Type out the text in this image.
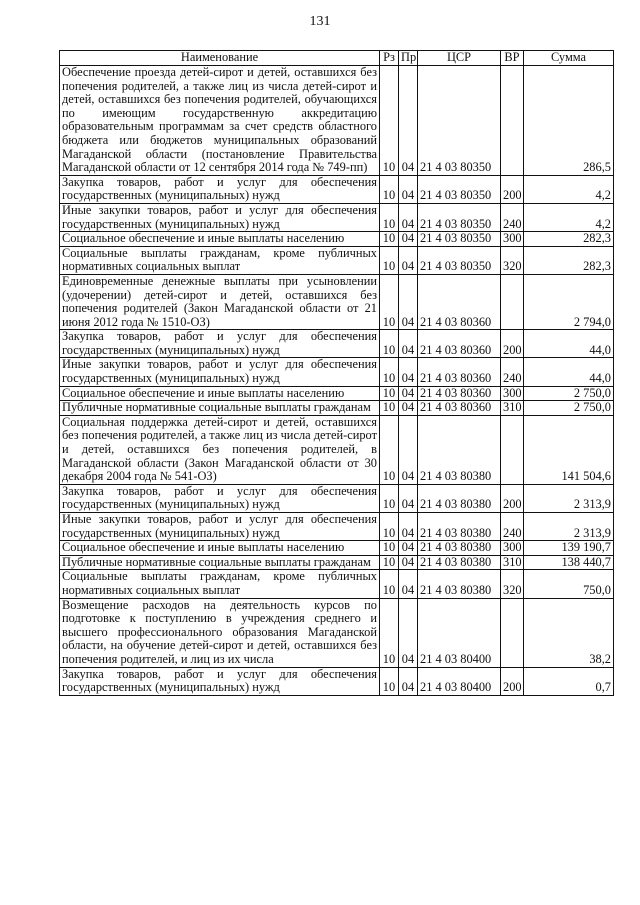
131
Наименование	Рз	Пр	ЦСР	ВР	Сумма
Обеспечение проезда детей-сирот и детей, оставшихся без попечения родителей, а также лиц из числа детей-сирот и детей, оставшихся без попечения родителей, обучающихся по имеющим государственную аккредитацию образовательным программам за счет средств областного бюджета или бюджетов муниципальных образований Магаданской области (постановление Правительства Магаданской области от 12 сентября 2014 года № 749-пп)	10	04	21 4 03 80350		286,5
Закупка товаров, работ и услуг для обеспечения государственных (муниципальных) нужд	10	04	21 4 03 80350	200	4,2
Иные закупки товаров, работ и услуг для обеспечения государственных (муниципальных) нужд	10	04	21 4 03 80350	240	4,2
Социальное обеспечение и иные выплаты населению	10	04	21 4 03 80350	300	282,3
Социальные выплаты гражданам, кроме публичных нормативных социальных выплат	10	04	21 4 03 80350	320	282,3
Единовременные денежные выплаты при усыновлении (удочерении) детей-сирот и детей, оставшихся без попечения родителей (Закон Магаданской области от 21 июня 2012 года № 1510-ОЗ)	10	04	21 4 03 80360		2 794,0
Закупка товаров, работ и услуг для обеспечения государственных (муниципальных) нужд	10	04	21 4 03 80360	200	44,0
Иные закупки товаров, работ и услуг для обеспечения государственных (муниципальных) нужд	10	04	21 4 03 80360	240	44,0
Социальное обеспечение и иные выплаты населению	10	04	21 4 03 80360	300	2 750,0
Публичные нормативные социальные выплаты гражданам	10	04	21 4 03 80360	310	2 750,0
Социальная поддержка детей-сирот и детей, оставшихся без попечения родителей, а также лиц из числа детей-сирот и детей, оставшихся без попечения родителей, в Магаданской области (Закон Магаданской области от 30 декабря 2004 года № 541-ОЗ)	10	04	21 4 03 80380		141 504,6
Закупка товаров, работ и услуг для обеспечения государственных (муниципальных) нужд	10	04	21 4 03 80380	200	2 313,9
Иные закупки товаров, работ и услуг для обеспечения государственных (муниципальных) нужд	10	04	21 4 03 80380	240	2 313,9
Социальное обеспечение и иные выплаты населению	10	04	21 4 03 80380	300	139 190,7
Публичные нормативные социальные выплаты гражданам	10	04	21 4 03 80380	310	138 440,7
Социальные выплаты гражданам, кроме публичных нормативных социальных выплат	10	04	21 4 03 80380	320	750,0
Возмещение расходов на деятельность курсов по подготовке к поступлению в учреждения среднего и высшего профессионального образования Магаданской области, на обучение детей-сирот и детей, оставшихся без попечения родителей, и лиц из их числа	10	04	21 4 03 80400		38,2
Закупка товаров, работ и услуг для обеспечения государственных (муниципальных) нужд	10	04	21 4 03 80400	200	0,7
